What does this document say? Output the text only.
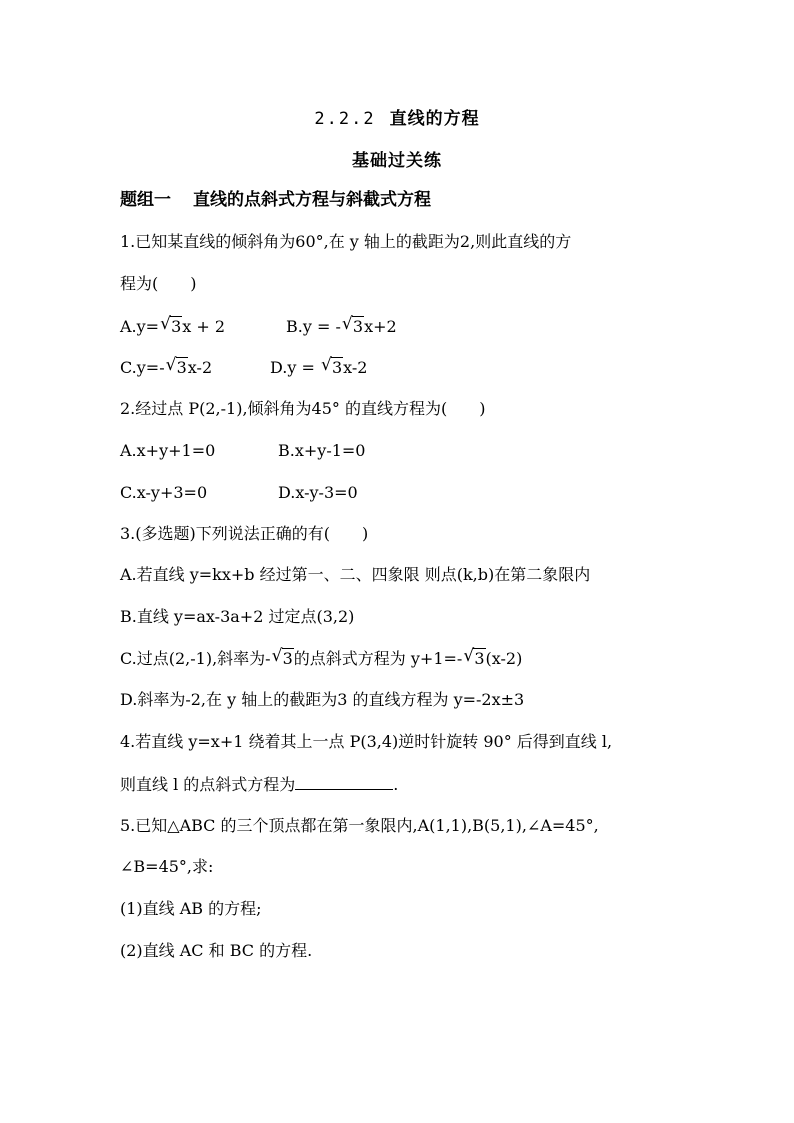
2.2.2 直线的方程
基础过关练
题组一 直线的点斜式方程与斜截式方程
1.已知某直线的倾斜角为60°,在 y 轴上的截距为2,则此直线的方
程为(　　)
A.y= √ 3x + 2	B.y = - √ 3x+2
C.y=- √ 3x-2	D.y = √ 3x-2
2.经过点 P(2,-1),倾斜角为45° 的直线方程为(　　)
A.x+y+1=0	B.x+y-1=0
C.x-y+3=0	D.x-y-3=0
3.(多选题)下列说法正确的有(　　)
A.若直线 y=kx+b 经过第一、二、四象限 则点(k,b)在第二象限内
B.直线 y=ax-3a+2 过定点(3,2)
C.过点(2,-1),斜率为- √ 3的点斜式方程为 y+1=- √ 3(x-2)
D.斜率为-2,在 y 轴上的截距为3 的直线方程为 y=-2x±3
4.若直线 y=x+1 绕着其上一点 P(3,4)逆时针旋转 90° 后得到直线 l,
则直线 l 的点斜式方程为	.
5.已知△ABC 的三个顶点都在第一象限内,A(1,1),B(5,1),∠A=45°,
∠B=45°,求:
(1)直线 AB 的方程;
(2)直线 AC 和 BC 的方程.
